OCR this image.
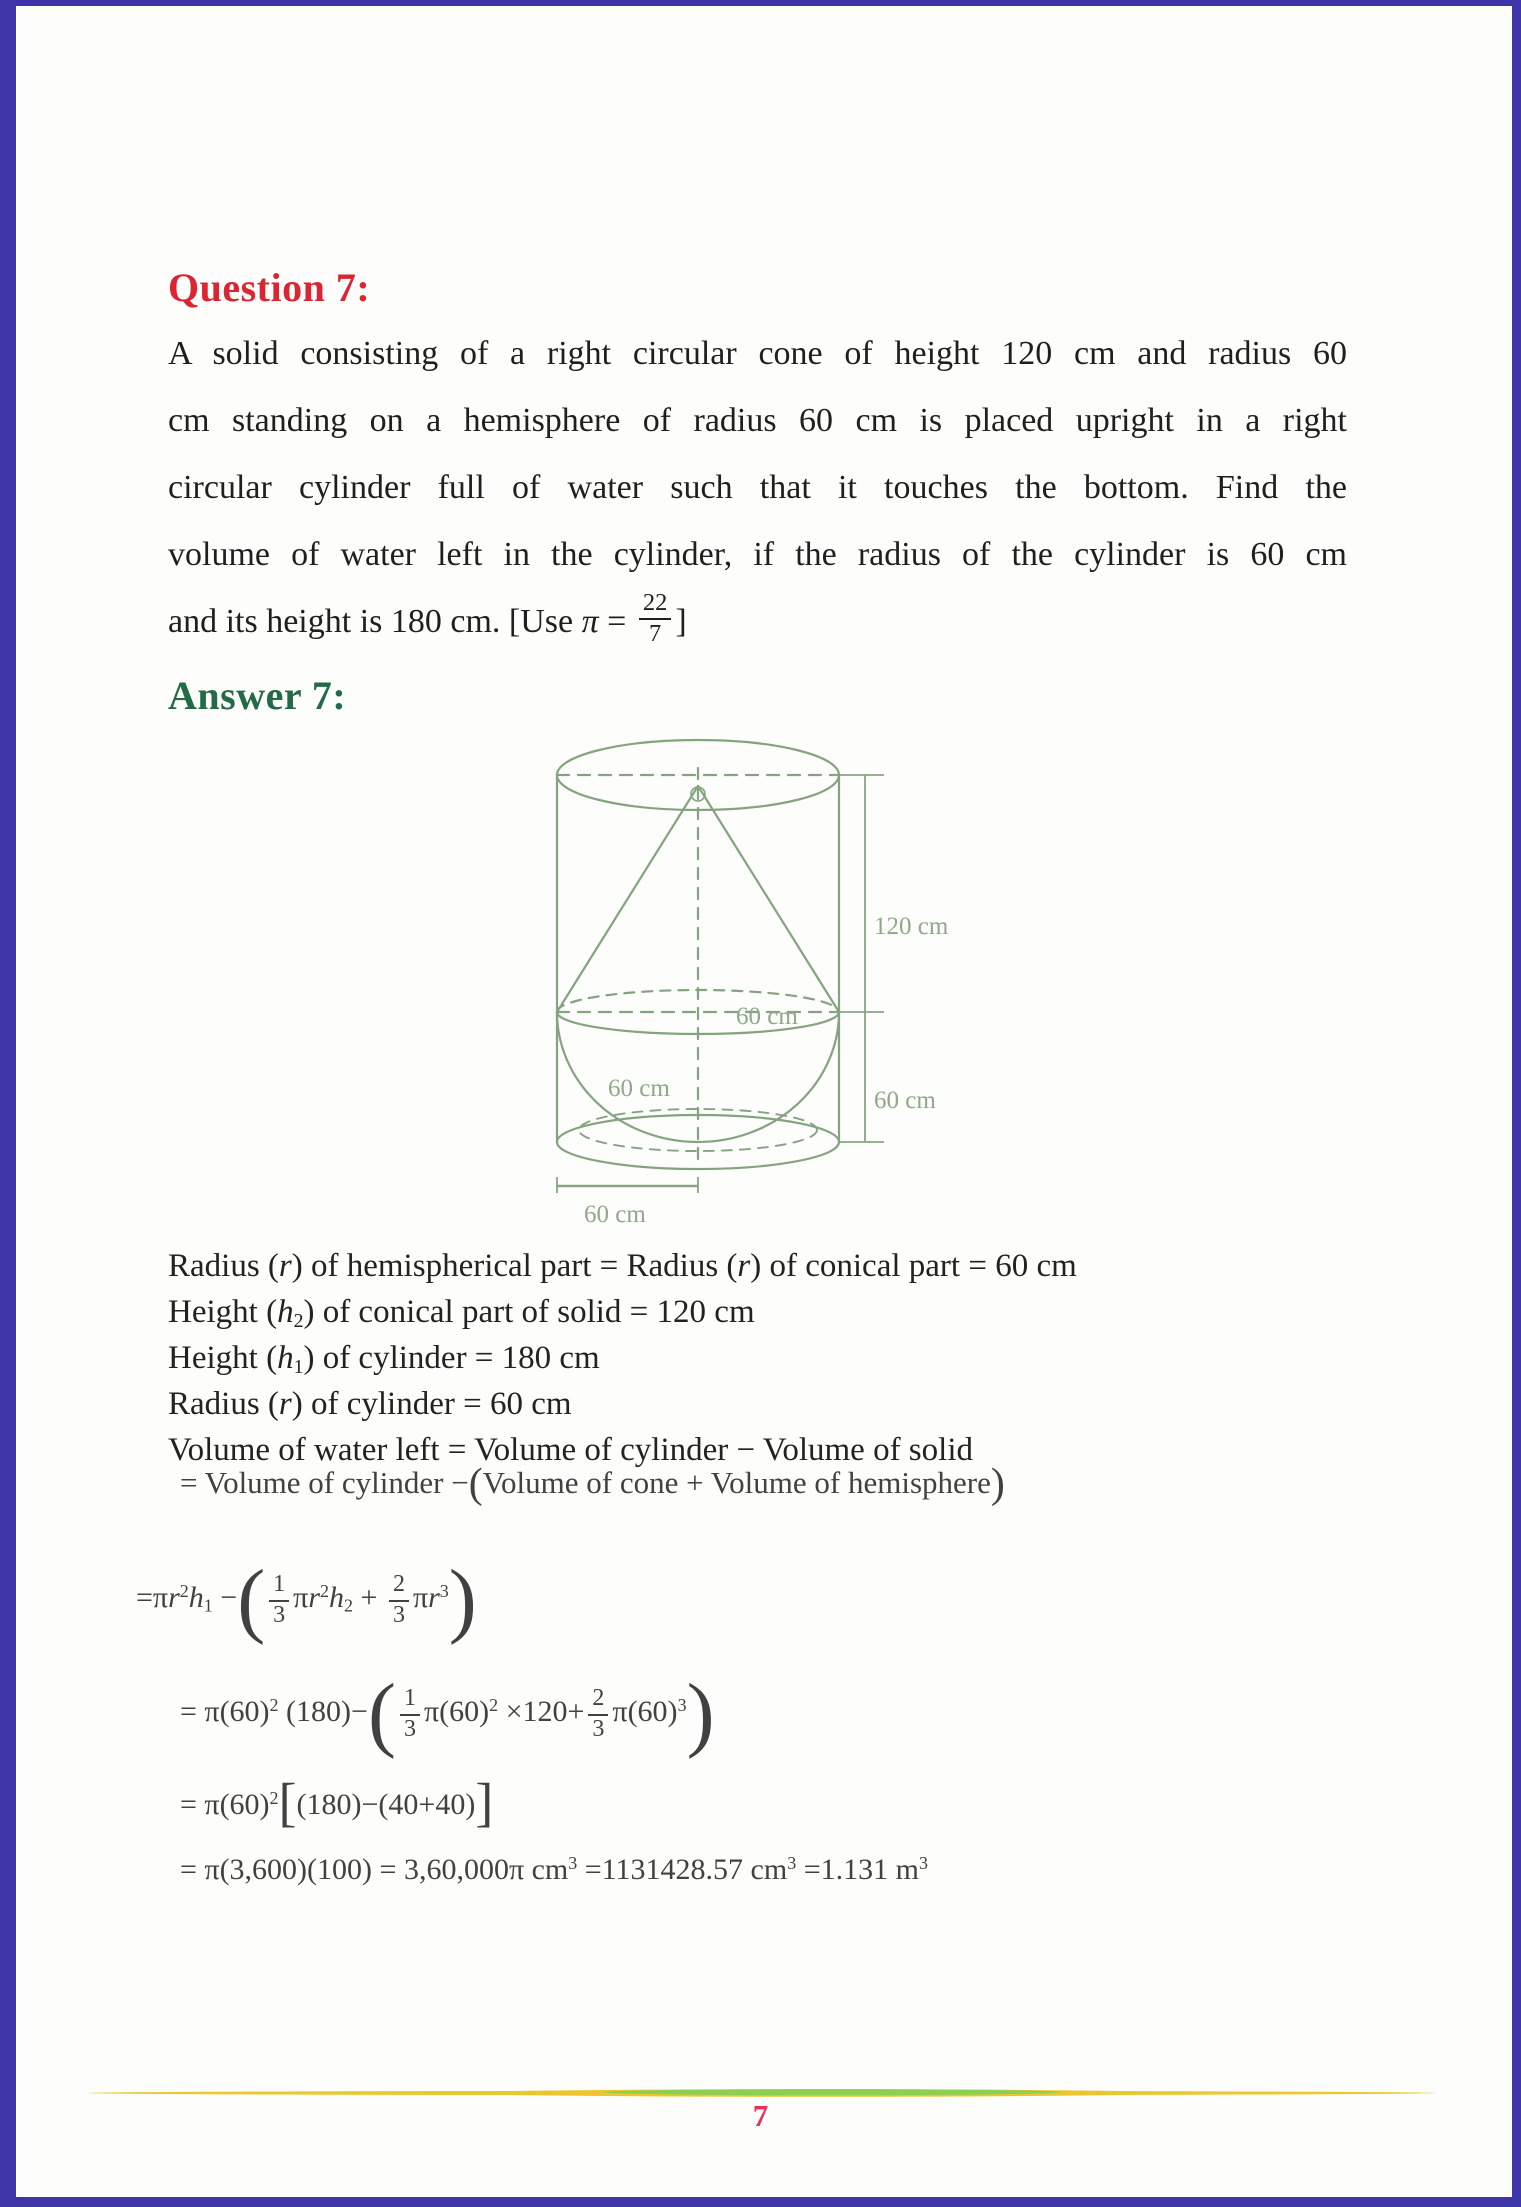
Question 7:
A solid consisting of a right circular cone of height 120 cm and radius 60
cm standing on a hemisphere of radius 60 cm is placed upright in a right
circular cylinder full of water such that it touches the bottom. Find the
volume of water left in the cylinder, if the radius of the cylinder is 60 cm
and its height is 180 cm. [Use $\pi = \frac{22}{7}$ ]
Answer 7:
120 cm
60 cm
60 cm
60 cm
60 cm
Radius (r) of hemispherical part = Radius (r) of conical part = 60 cm
Height (h2) of conical part of solid = 120 cm
Height (h1) of cylinder = 180 cm
Radius (r) of cylinder = 60 cm
Volume of water left = Volume of cylinder − Volume of solid
= Volume of cylinder −(Volume of cone + Volume of hemisphere)
$=\pi r^2h1$ −( $\frac{1}{3} \pi r^2h2 + \frac{2}{3} \pi r^3$)
= $\pi(60)^2$ $(180)-( \frac{1}{3} \pi(60)^2 \times 120+ \frac{2}{3} \pi(60)^3)$
= $\pi(60)^2[(180)-(40+40)]$
= π(3,600)(100) = 3,60,000π $cm^3 =1131428.57$ $cm^3 =1.131$ $m^3$
7
